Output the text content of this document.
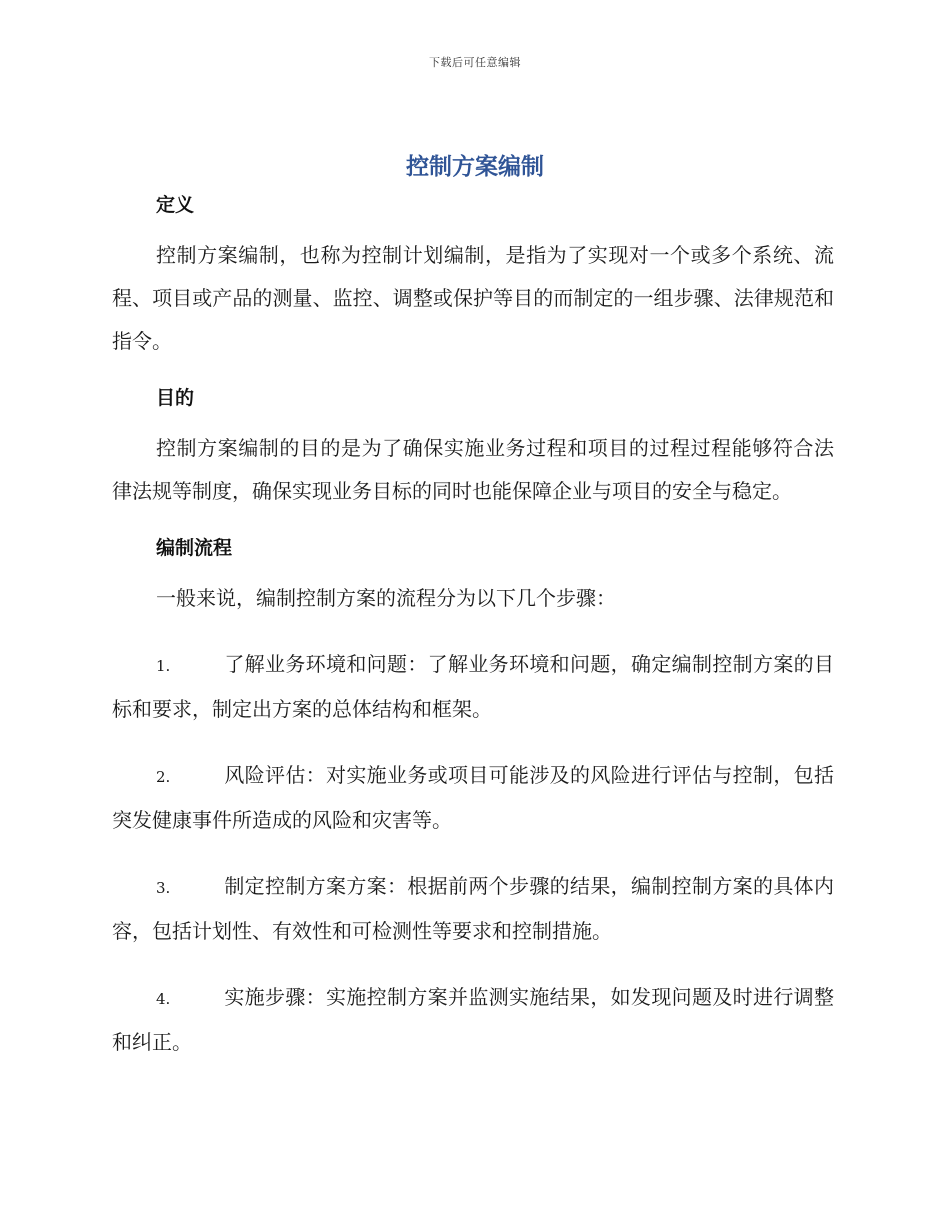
下载后可任意编辑
控制方案编制
定义

控制方案编制，也称为控制计划编制，是指为了实现对一个或多个系统、流程、项目或产品的测量、监控、调整或保护等目的而制定的一组步骤、法律规范和指令。

目的

控制方案编制的目的是为了确保实施业务过程和项目的过程过程能够符合法律法规等制度，确保实现业务目标的同时也能保障企业与项目的安全与稳定。

编制流程

一般来说，编制控制方案的流程分为以下几个步骤：

1.	了解业务环境和问题：了解业务环境和问题，确定编制控制方案的目标和要求，制定出方案的总体结构和框架。

2.	风险评估：对实施业务或项目可能涉及的风险进行评估与控制，包括突发健康事件所造成的风险和灾害等。

3.	制定控制方案方案：根据前两个步骤的结果，编制控制方案的具体内容，包括计划性、有效性和可检测性等要求和控制措施。

4.	实施步骤：实施控制方案并监测实施结果，如发现问题及时进行调整和纠正。
